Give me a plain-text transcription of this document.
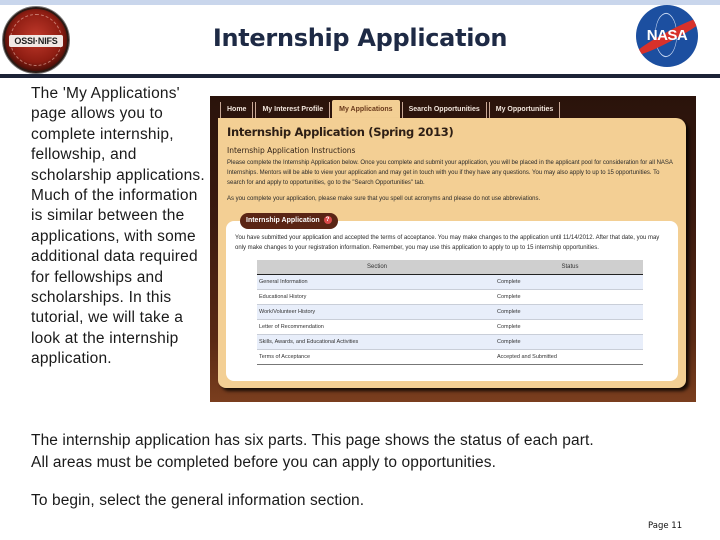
OSSI·NIFS	Internship Application	NASA

The 'My Applications' page allows you to complete internship, fellowship, and scholarship applications. Much of the information is similar between the applications, with some additional data required for fellowships and scholarships. In this tutorial, we will take a look at the internship application.

Home	My Interest Profile	My Applications	Search Opportunities	My Opportunities
Internship Application (Spring 2013)
Internship Application Instructions
Please complete the Internship Application below. Once you complete and submit your application, you will be placed in the applicant pool for consideration for all NASA Internships. Mentors will be able to view your application and may get in touch with you if they have any questions. You may also apply to up to 15 opportunities. To search for and apply to opportunities, go to the "Search Opportunities" tab.
As you complete your application, please make sure that you spell out acronyms and please do not use abbreviations.
Internship Application ?
You have submitted your application and accepted the terms of acceptance. You may make changes to the application until 11/14/2012. After that date, you may only make changes to your registration information. Remember, you may use this application to apply to up to 15 internship opportunities.
Section	Status
General Information	Complete
Educational History	Complete
Work/Volunteer History	Complete
Letter of Recommendation	Complete
Skills, Awards, and Educational Activities	Complete
Terms of Acceptance	Accepted and Submitted
The internship application has six parts. This page shows the status of each part.
All areas must be completed before you can apply to opportunities.
To begin, select the general information section.
Page 11
